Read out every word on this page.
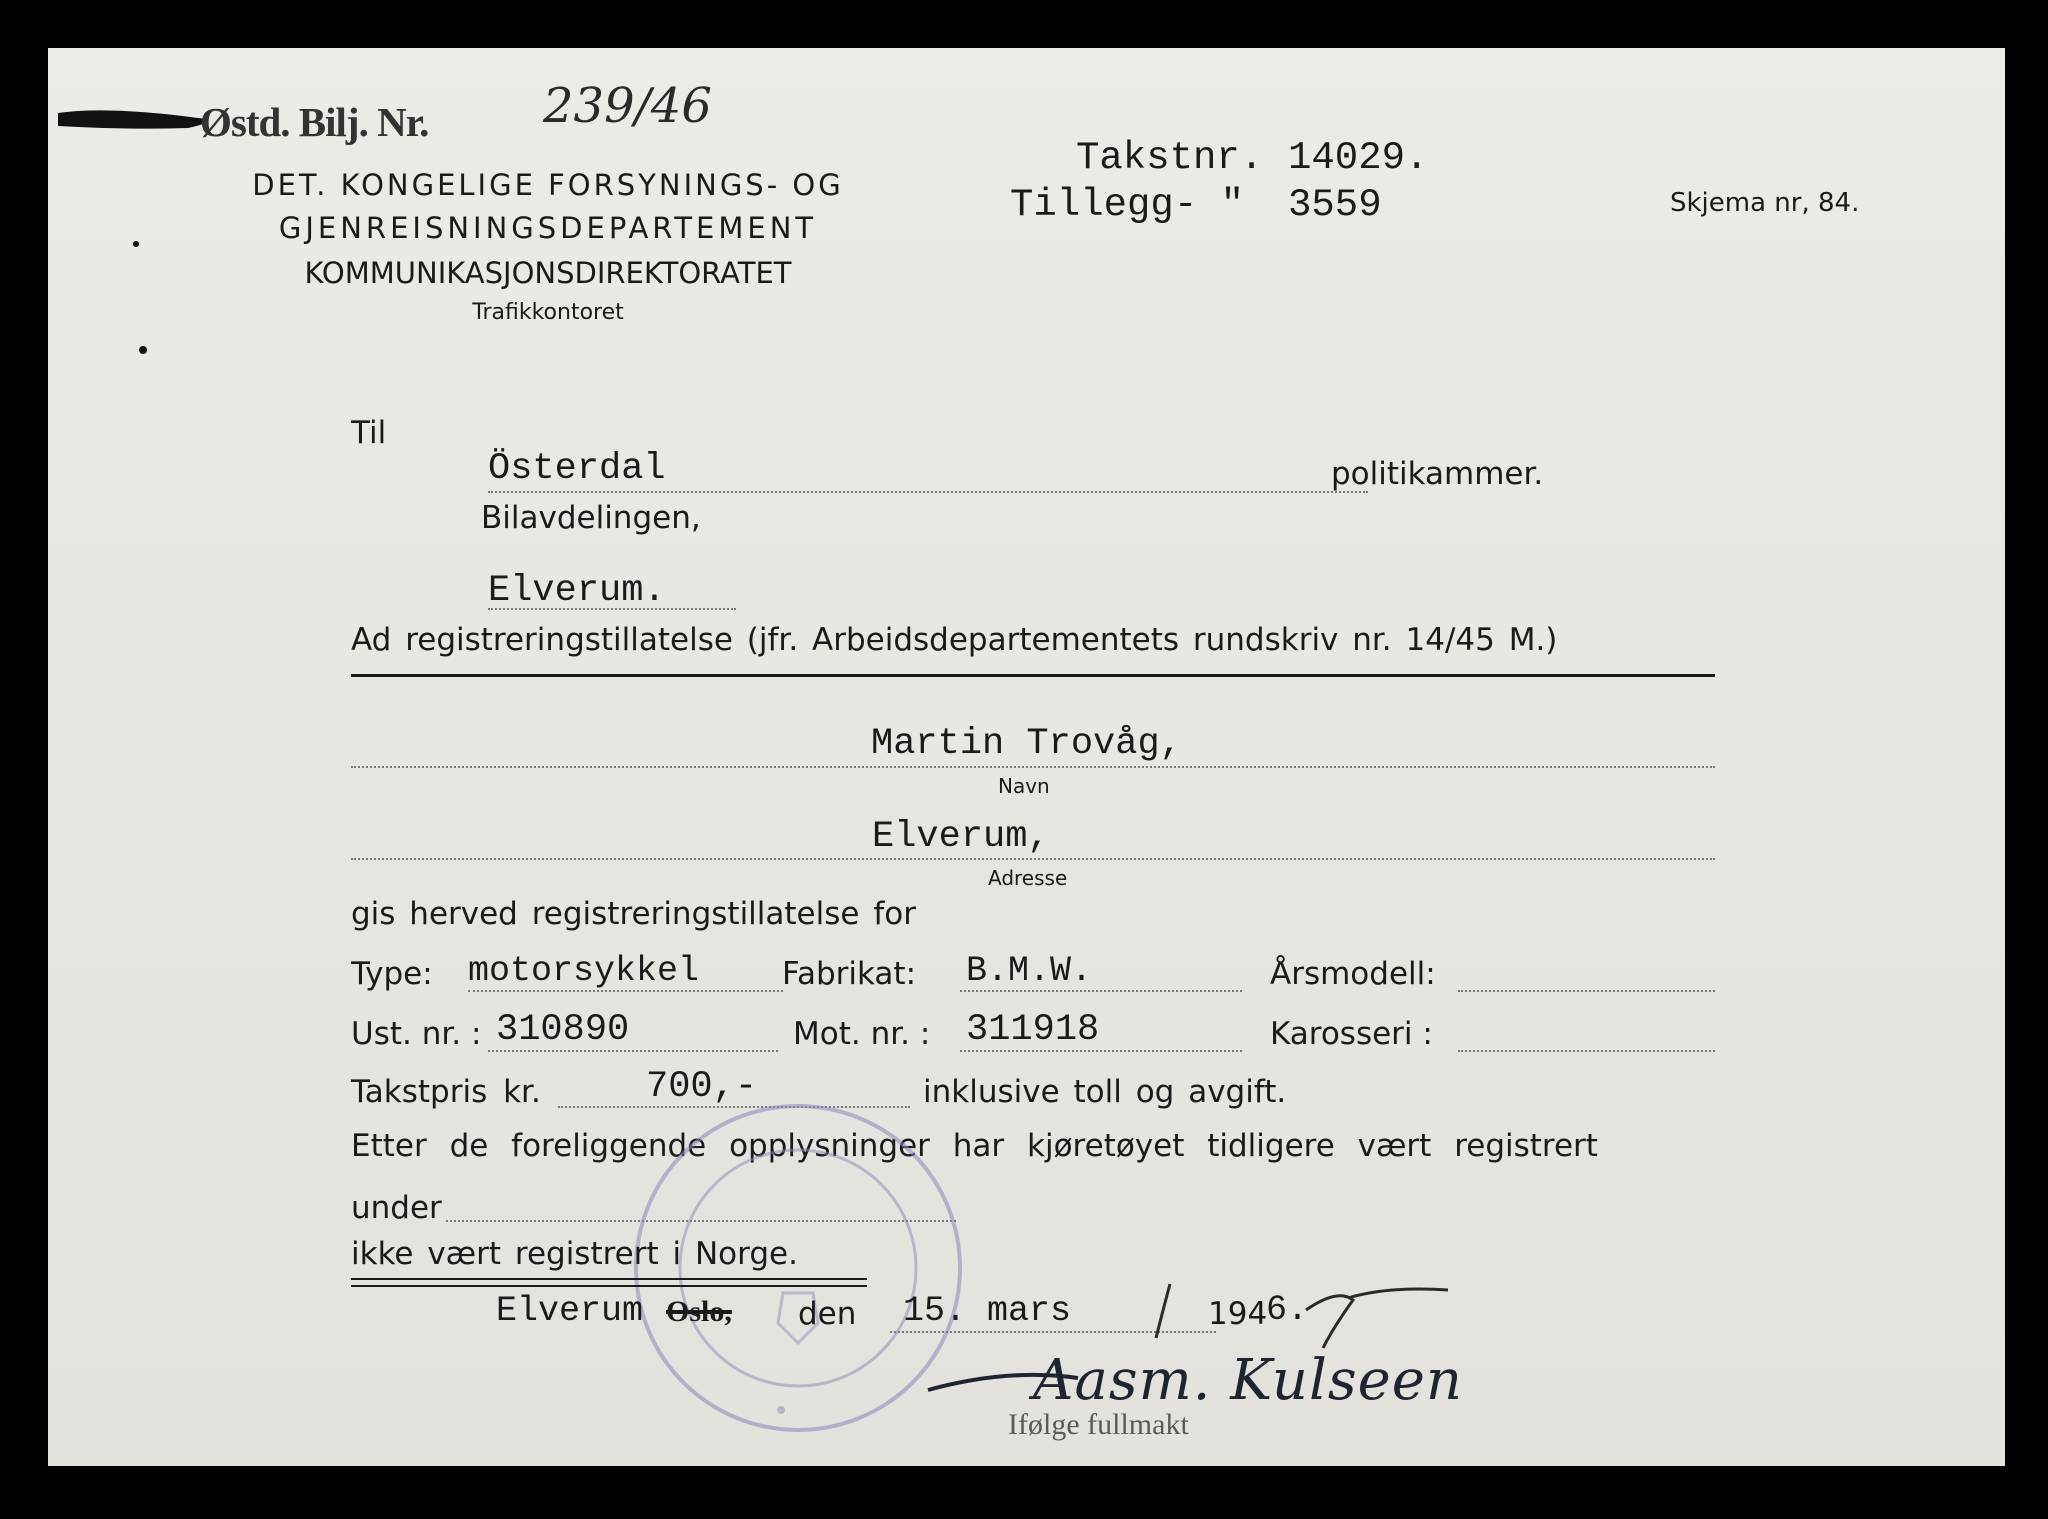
Østd. Bilj. Nr. 239/46
DET. KONGELIGE FORSYNINGS- OG
GJENREISNINGSDEPARTEMENT
KOMMUNIKASJONSDIREKTORATET
Trafikkontoret
Takstnr. 14029.
Tillegg- " 3559	Skjema nr, 84.
Til
Österdal	politikammer.
Bilavdelingen,
Elverum.
Ad registreringstillatelse (jfr. Arbeidsdepartementets rundskriv nr. 14/45 M.)
Martin Trovåg,
Navn
Elverum,
Adresse
gis herved registreringstillatelse for
Type: motorsykkel	Fabrikat: B.M.W.	Årsmodell:
Ust. nr. : 310890	Mot. nr. : 311918	Karosseri :
Takstpris kr.	700,-	inklusive toll og avgift.
Etter de foreliggende opplysninger har kjøretøyet tidligere vært registrert
under
ikke vært registrert i Norge.
Elverum Oslo, den 15. mars	194
6.
Aasm. Kulseen
Ifølge fullmakt
